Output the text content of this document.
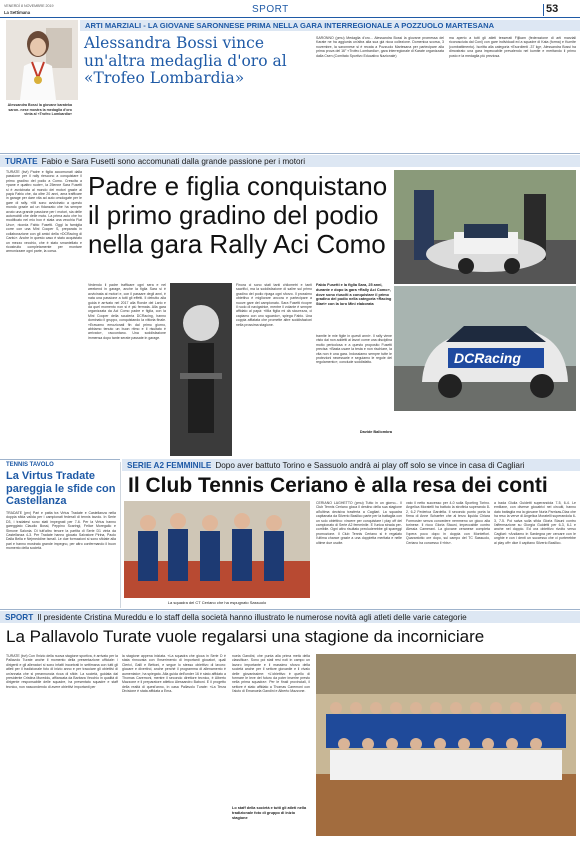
VENERDÌ 8 NOVEMBRE 2019
La Settimana	SPORT	53
Alessandra Bossi la giovane karateka saron- nese mostra la medaglia d'oro vinta al «Trofeo Lombardia»
ARTI MARZIALI - LA GIOVANE SARONNESE PRIMA NELLA GARA INTERREGIONALE A POZZUOLO MARTESANA
Alessandra Bossi vince un'altra medaglia d'oro al «Trofeo Lombardia»
SARONNO (pmu) Medaglia d'oro... Alessandra Bossi la giovane promessa del Karate ne ha aggiunta un'altra alla sua già ricca collezione. Domenica scorsa, 3 novembre, la saronnese si è recata a Pozzuolo Martesana per partecipare alla prima prova del 16° «Trofeo Lombardia», gara interregionale di Karate organizzata dalla Csen (Comitato Sportivo Educativo Nazionale)
ma aperto a tutti gli atleti tesserati Fijlkam (federazione di arti marziali riconosciuta dal Coni) con gare individuali ed a squadre di Kata (forma) e Kumite (combattimento). Iscritta alla categoria «Esordienti -37 kg», Alessandra Bossi ha dimostrato una gara impeccabile prevalendo nel kumite e meritando il primo posto e la medaglia più preziosa.
TURATE Fabio e Sara Fusetti sono accomunati dalla grande passione per i motori
TURATE (bvi) Padre e figlia accomunati dalla passione per il rally riescono a conquistare il primo gradino del podio a Como. Crescita a «pane e quattro ruote», la 25enne Sara Fusetti si è avvicinata al mondo dei motori grazie al papà Fabio che, da oltre 20 anni, ama trafficare in garage per dare vita ad auto omologate per le gare di rally. «Mi sono avvicinato a questo mondo grazie ad un fidanzato che ha sempre avuto una grande passione per i motori, sia delle automobili che delle moto. La prima auto che ho modificato nel mio box è stata una vecchia Fiat Uno», ricorda Fabio Fusetti. Oggi la famiglia corre con una Mini Cooper S, preparata in collaborazione con gli amici della «DCRacing di Cantù». Anche in questo caso è stato acquistato un mezzo vecchio, che è stato smantellato e ricostruito completamente per montare armonizzare ogni parte, la corsa.
Padre e figlia conquistano il primo gradino del podio nella gara Rally Aci Como
DCRacing
Vedendo il padre trafficare ogni sera e nel weekend in garage, anche la figlia Sara si è avvicinata ai motori e, con il passare degli anni, è nata una passione a tutti gli effetti. Il debutto alla guida è arrivato nel 2017 alla Ronde del Lario e da quel momento non si è più fermata. Alla gara organizzata da Aci Como padre e figlia, con la Mini Cooper della scuderia DCRacing, hanno dominato il gruppo, conquistando la vittoria finale. «Eravamo emozionati fin dal primo giorno, abbiamo tenuto un buon ritmo e il risultato è arrivato», raccontano. Una soddisfazione immensa dopo tante serate passate in garage.
Finora ci sono stati tanti chilometri e tanti sacrifici, ma la soddisfazione di salire sul primo gradino del podio ripaga ogni sforzo. Il prossimo obiettivo è migliorare ancora e partecipare a nuove gare del campionato. Sara Fusetti ricopre il ruolo di navigatrice, mentre il volante è sempre affidato al papà: «Mia figlia mi dà sicurezza, ci capiamo con uno sguardo», spiega Fabio. Una coppia affiatata che promette altre soddisfazioni nella prossima stagione.
Fabio Fusetti e la figlia Sara, 25 anni, durante e dopo la gara «Rally Aci Como», dove sono riusciti a conquistare il primo gradino del podio nella categoria «Racing Start» con la loro Mini elaborata
tramite le mie figlie in questi anni». Il rally viene visto dai non addetti ai lavori come una disciplina molto pericolosa e a questo proposito Fusetti precisa: «Basta usare la testa e non rischiare, la vita non è una gara. Indossiamo sempre tutte le protezioni necessarie e seguiamo le regole del regolamento», conclude soddisfatto.
Davide Ballombra
TENNIS TAVOLO
La Virtus Tradate pareggia le sfide con Castellanza
TRADATE (prx) Pari e patta tra Virtus Tradate e Castellanza nella doppia sfida valida per i campionati federali di tennis tavolo. In Serie D3, i tradatesi sono stati impegnati per 7-6. Per la Virtus hanno gareggiato Claudio Bossi, Peppino Scaringi, Felice Moregallo e Simone Salonia. Di tutt'altro tenore la partita di Serie D1 vinta da Castellanza 4-3. Per Tradate hanno giocato Salvatore Pirina, Paolo Dalla Bella e Nejmeddine Ismail. Le due formazioni si sono sfidate alla pari e hanno mostrato grande impegno, per altro confermando il buon momento della società.
SERIE A2 FEMMINILE Dopo aver battuto Torino e Sassuolo andrà ai play off solo se vince in casa di Cagliari
Il Club Tennis Ceriano è alla resa dei conti
La squadra del CT Ceriano che ha espugnato Sassuolo
CERIANO LAGHETTO (pmu) Tutto in un giorno... Il Club Tennis Ceriano gioca il destino della sua stagione all'ultima decisiva trasferta a Cagliari. La squadra capitanata da Silverio Basilico parte per la battaglia con un solo obiettivo: vincere per conquistare i play off del campionato di Serie A2 femminile. E l'unica strada per-corribile. Ogni altro risultato precluderebbe gli spareggi promozione. Il Club Tennis Ceriano si è regalato l'ultima chance grazie a una doppietta meritata e nelle ultime due uscite.
vato il netto successo per 4-0 sulla Sporting Torino. Angelica Moratelli ha battuto la strofinia superando 8-2, 6-2 Federica Gardella. Il secondo punto porta la firma di Anne Schaefer che al terzo liquida Chiara Formosier senza concedere nemmeno un gioco alla torinese. Il ricco Gloria Stauni, impeccabile contro Alessia Camerani. La giovane ceranese completa l'opera poco dopo in doppia con Montefiori. Quarantotto ore dopo, sul campo del TC Sassuolo, Ceriano ha concesso il «bis».
a bada Giulia Guidetti superandola 7-5, 6-4. Le emiliane, con diverse giocatrici nei circuiti, hanno dato battaglia ma la giovane Nuria Parrizas-Diaz che ha reso la verve di Angelica Moratelli superandola 6-3, 7-5. Poi salva sulla sfida Gloria Stauni contro l'affermazione su Giorgia Guidetti per 6-3, 6-1 e anche nel doppio. Ed ora obiettivo rivolto verso Cagliari: «Andiamo in Sardegna per cercare con le unghie e con i denti un successo che ci porterebbe ai play off» dice il capitano Silverio Basilico.
SPORT Il presidente Cristina Mureddu e lo staff della società hanno illustrato le numerose novità agli atleti delle varie categorie
La Pallavolo Turate vuole regalarsi una stagione da incorniciare
TURATE (bvi) Con l'inizio della nuova stagione sportiva, è arrivato per la Pallavolo Turate anche il momento della presentazione ufficiale: i dirigenti e gli allenatori si sono infatti incontrati in settimana con tutti gli atleti per il tradizionale foto di inizio anno e per tracciare gli obiettivi di un'annata che si preannuncia ricca di sfide. La società, guidata dal presidente Cristina Mureddu, affiancata da Barbara Vecchio in qualità di dirigente responsabile delle squadre, ha presentato squadre e staff tecnico, non nascondendo di avere obiettivi importanti per
la stagione appena iniziata. «La squadra che gioca in Serie D è stata rinnovata con l'inserimento di importanti giocatori, quali Clerici, Galli e Bettoni, e segue lo stesso obiettivo di lavoro: giocare e divertirci, anche perché il programma di allenamento è aumentato», ha spiegato. Alla guida dell'under 16 è stato affidato a Thomas Caremoni, mentre il secondo direttore tecnico, è Alberto Mazzone e il preparatore atletico Alessandro Baboni. E il progetto della realtà di quest'anno, in casa Pallavolo Turate: «La Terza Divisione è stata affidata a Ema-
nuela Gandini, che punta alla prima metà della classifica». Sono poi stati resi noti in campo un lavoro importante e il massimo sforzo della società anche per il settore giovanile e il vivaio delle giovanissime: «L'obiettivo è quello di formare le leve del futuro da poter inserire presto nella prima squadra». Per le finali provinciali, il settore è stato affidato a Thomas Caremoni con l'aiuto di Emanuela Gandini e Alberto Mazzone.
Lo staff della società e tutti gli atleti nella tradizionale foto di gruppo di inizio stagione
